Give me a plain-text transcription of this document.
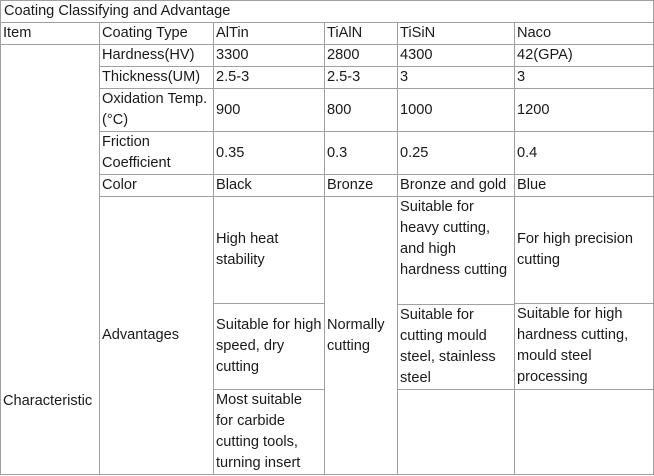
Coating Classifying and Advantage					
Item	Coating Type	AlTin	TiAlN	TiSiN	Naco
Characteristic	Hardness(HV)	3300	2800	4300	42(GPA)
	Thickness(UM)	2.5-3	2.5-3	3	3
	Oxidation Temp.(°C)	900	800	1000	1200
	Friction Coefficient	0.35	0.3	0.25	0.4
	Color	Black	Bronze	Bronze and gold	Blue
	Advantages	High heat stability	Normally cutting	Suitable for heavy cutting, and high hardness cutting	For high precision cutting

		Suitable for high speed, dry cutting			Suitable for high hardness cutting, mould steel processing
				Suitable for cutting mould steel, stainless steel	
		Most suitable for carbide cutting tools, turning insert			
